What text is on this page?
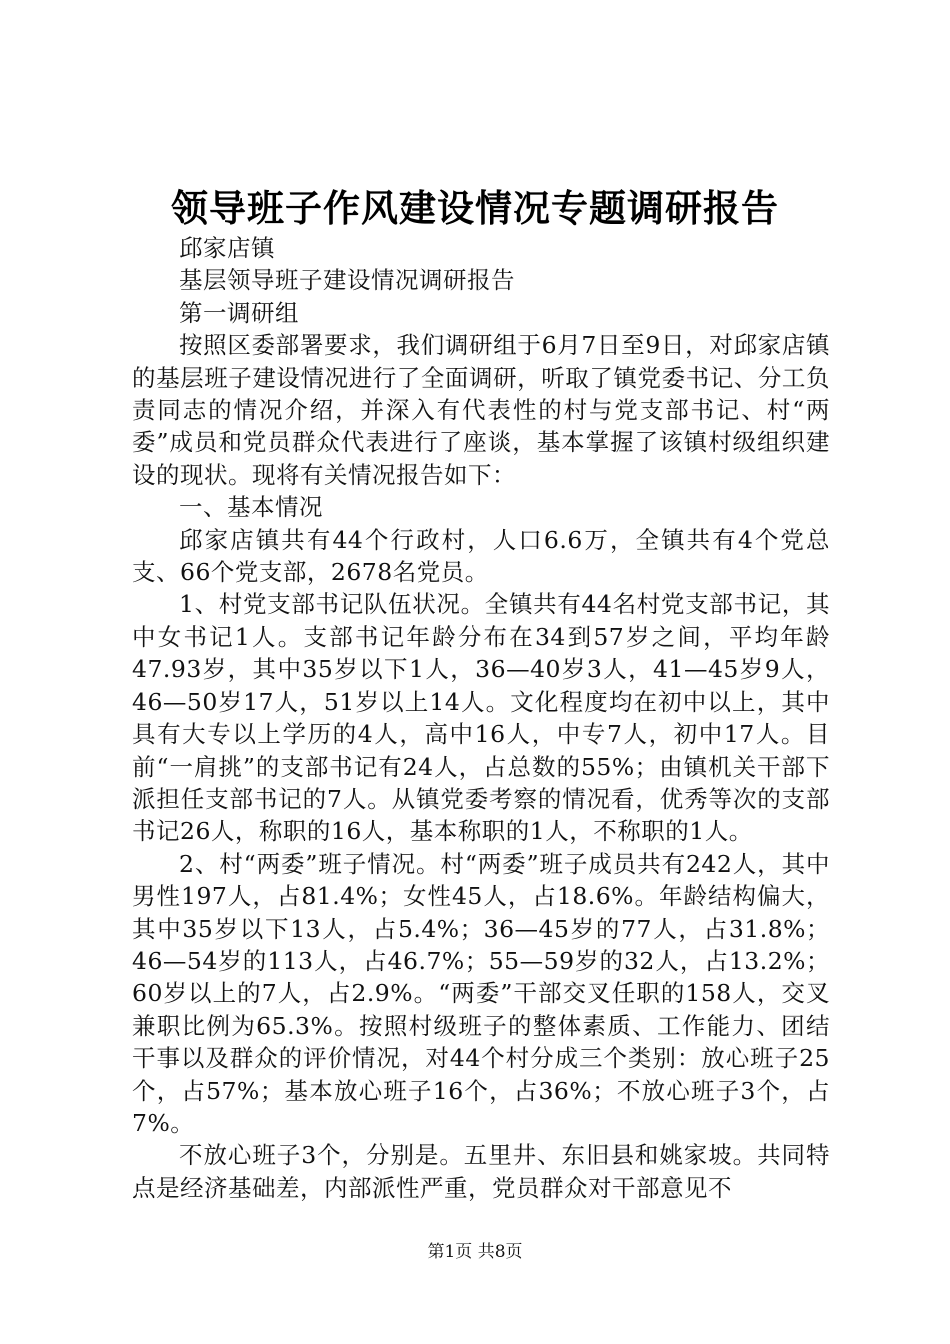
领导班子作风建设情况专题调研报告

邱家店镇

基层领导班子建设情况调研报告

第一调研组

按照区委部署要求，我们调研组于6月7日至9日，对邱家店镇的基层班子建设情况进行了全面调研，听取了镇党委书记、分工负责同志的情况介绍，并深入有代表性的村与党支部书记、村“两委”成员和党员群众代表进行了座谈，基本掌握了该镇村级组织建设的现状。现将有关情况报告如下：

一、基本情况

邱家店镇共有44个行政村，人口6.6万，全镇共有4个党总支、66个党支部，2678名党员。

1、村党支部书记队伍状况。全镇共有44名村党支部书记，其中女书记1人。支部书记年龄分布在34到57岁之间，平均年龄47.93岁，其中35岁以下1人，36—40岁3人，41—45岁9人，46—50岁17人，51岁以上14人。文化程度均在初中以上，其中具有大专以上学历的4人，高中16人，中专7人，初中17人。目前“一肩挑”的支部书记有24人，占总数的55%；由镇机关干部下派担任支部书记的7人。从镇党委考察的情况看，优秀等次的支部书记26人，称职的16人，基本称职的1人，不称职的1人。

2、村“两委”班子情况。村“两委”班子成员共有242人，其中男性197人，占81.4%；女性45人，占18.6%。年龄结构偏大，其中35岁以下13人，占5.4%；36—45岁的77人，占31.8%；46—54岁的113人，占46.7%；55—59岁的32人，占13.2%；60岁以上的7人，占2.9%。“两委”干部交叉任职的158人，交叉兼职比例为65.3%。按照村级班子的整体素质、工作能力、团结干事以及群众的评价情况，对44个村分成三个类别：放心班子25个，占57%；基本放心班子16个，占36%；不放心班子3个，占7%。

不放心班子3个，分别是。五里井、东旧县和姚家坡。共同特点是经济基础差，内部派性严重，党员群众对干部意见不

第1页 共8页
